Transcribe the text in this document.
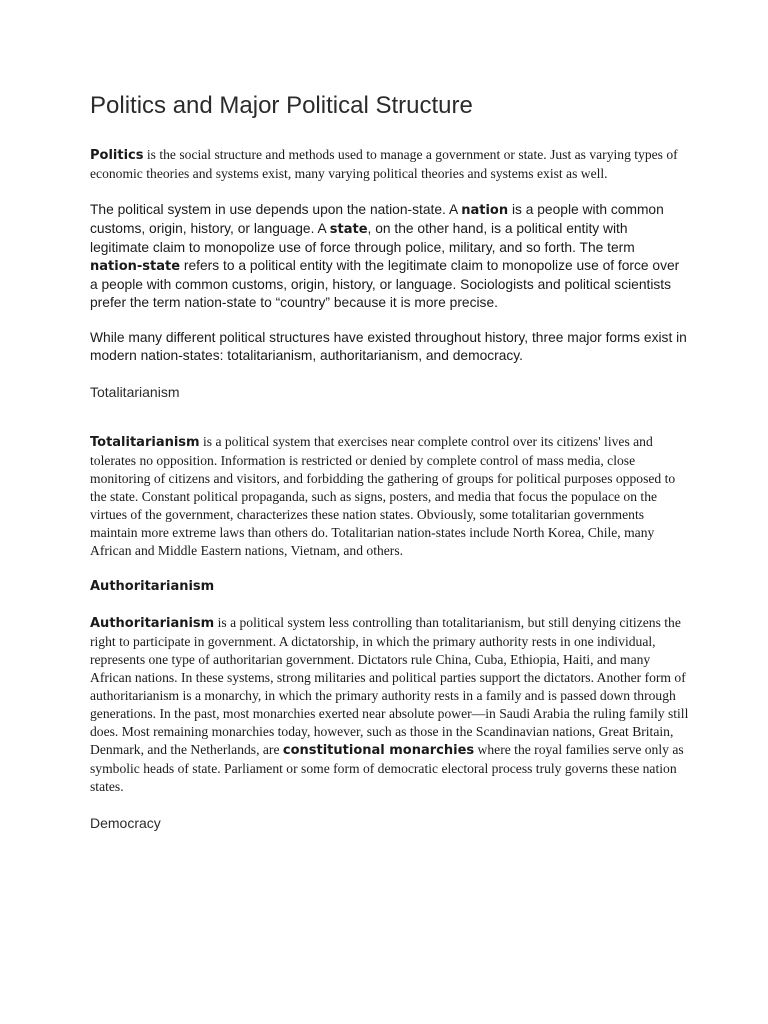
Politics and Major Political Structure

Politics is the social structure and methods used to manage a government or state. Just as varying types of economic theories and systems exist, many varying political theories and systems exist as well.

The political system in use depends upon the nation-state. A nation is a people with common customs, origin, history, or language. A state, on the other hand, is a political entity with legitimate claim to monopolize use of force through police, military, and so forth. The term nation-state refers to a political entity with the legitimate claim to monopolize use of force over a people with common customs, origin, history, or language. Sociologists and political scientists prefer the term nation-state to “country” because it is more precise.

While many different political structures have existed throughout history, three major forms exist in modern nation-states: totalitarianism, authoritarianism, and democracy.

Totalitarianism

Totalitarianism is a political system that exercises near complete control over its citizens' lives and tolerates no opposition. Information is restricted or denied by complete control of mass media, close monitoring of citizens and visitors, and forbidding the gathering of groups for political purposes opposed to the state. Constant political propaganda, such as signs, posters, and media that focus the populace on the virtues of the government, characterizes these nation states. Obviously, some totalitarian governments maintain more extreme laws than others do. Totalitarian nation-states include North Korea, Chile, many African and Middle Eastern nations, Vietnam, and others.

Authoritarianism

Authoritarianism is a political system less controlling than totalitarianism, but still denying citizens the right to participate in government. A dictatorship, in which the primary authority rests in one individual, represents one type of authoritarian government. Dictators rule China, Cuba, Ethiopia, Haiti, and many African nations. In these systems, strong militaries and political parties support the dictators. Another form of authoritarianism is a monarchy, in which the primary authority rests in a family and is passed down through generations. In the past, most monarchies exerted near absolute power—in Saudi Arabia the ruling family still does. Most remaining monarchies today, however, such as those in the Scandinavian nations, Great Britain, Denmark, and the Netherlands, are constitutional monarchies where the royal families serve only as symbolic heads of state. Parliament or some form of democratic electoral process truly governs these nation states.

Democracy
